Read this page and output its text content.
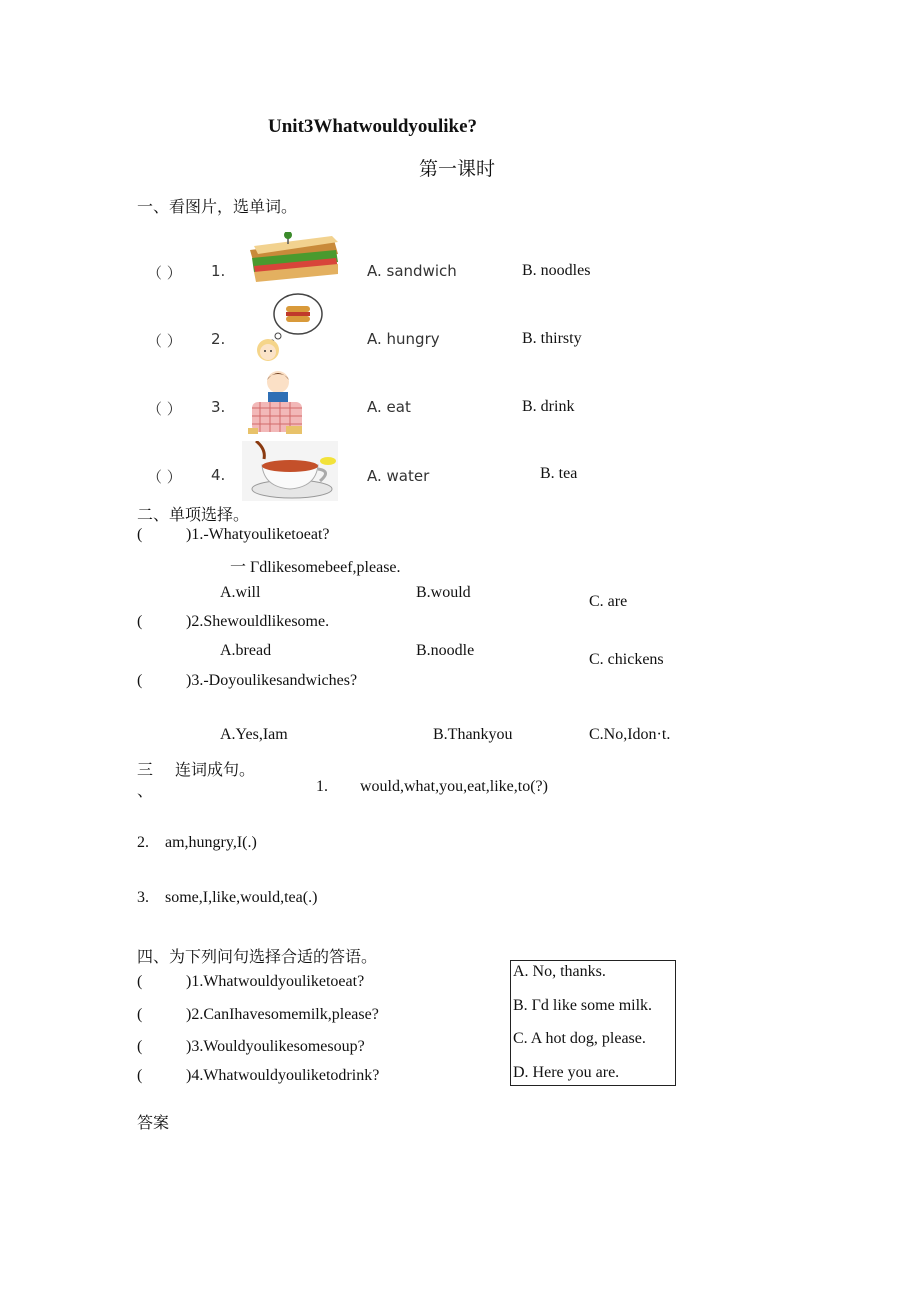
Unit3Whatwouldyoulike?
第一课时
一、看图片，选单词。
（ ） 1.	A. sandwich	B. noodles
（ ） 2.	A. hungry	B. thirsty
（ ） 3.	A. eat	B. drink
（ ） 4.	A. water	B. tea
二、单项选择。
(	)1.-Whatyouliketoeat?
一 Γdlikesomebeef,please.
A.will	B.would
C. are
(	)2.Shewouldlikesome.
A.bread	B.noodle
C. chickens
(	)3.-Doyoulikesandwiches?
A.Yes,Iam	B.Thankyou	C.No,Idon·t.
三
、
连词成句。
1. would,what,you,eat,like,to(?)
2. am,hungry,I(.)
3. some,I,like,would,tea(.)
四、为下列问句选择合适的答语。
(	)1.Whatwouldyouliketoeat?
(	)2.CanIhavesomemilk,please?
(	)3.Wouldyoulikesomesoup?
(	)4.Whatwouldyouliketodrink?
A. No, thanks.
B. Γd like some milk.
C. A hot dog, please.
D. Here you are.
答案
